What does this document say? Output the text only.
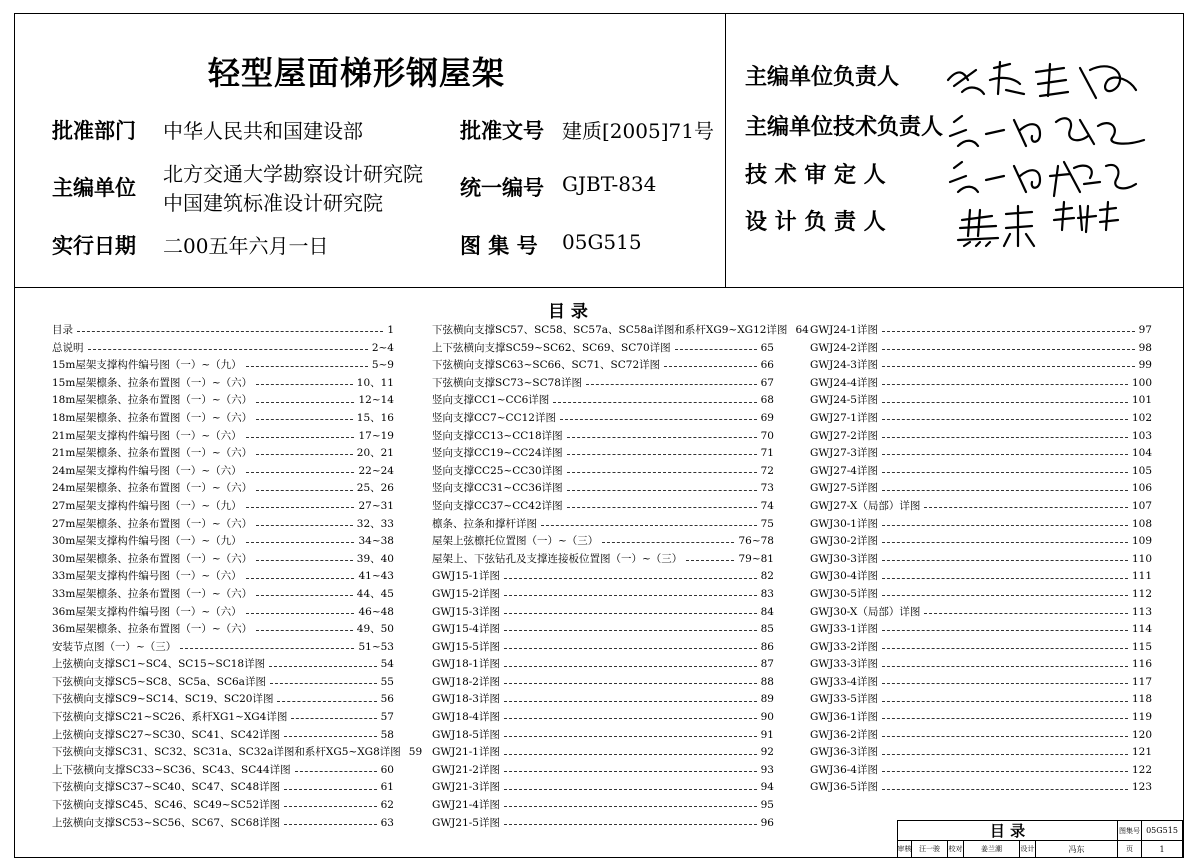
轻型屋面梯形钢屋架
批准部门 中华人民共和国建设部	批准文号 建质[2005]71号
主编单位
北方交通大学勘察设计研究院
中国建筑标准设计研究院
统一编号 GJBT-834
实行日期 二00五年六月一日	图 集 号 05G515
主编单位负责人
主编单位技术负责人
技 术 审 定 人
设 计 负 责 人
目 录
目录	1
总说明	2~4
15m屋架支撑构件编号图（一）~（九）	5~9
15m屋架檩条、拉条布置图（一）~（六）	10、11
18m屋架檩条、拉条布置图（一）~（六）	12~14
18m屋架檩条、拉条布置图（一）~（六）	15、16
21m屋架支撑构件编号图（一）~（六）	17~19
21m屋架檩条、拉条布置图（一）~（六）	20、21
24m屋架支撑构件编号图（一）~（六）	22~24
24m屋架檩条、拉条布置图（一）~（六）	25、26
27m屋架支撑构件编号图（一）~（九）	27~31
27m屋架檩条、拉条布置图（一）~（六）	32、33
30m屋架支撑构件编号图（一）~（九）	34~38
30m屋架檩条、拉条布置图（一）~（六）	39、40
33m屋架支撑构件编号图（一）~（六）	41~43
33m屋架檩条、拉条布置图（一）~（六）	44、45
36m屋架支撑构件编号图（一）~（六）	46~48
36m屋架檩条、拉条布置图（一）~（六）	49、50
安装节点图（一）~（三）	51~53
上弦横向支撑SC1~SC4、SC15~SC18详图	54
下弦横向支撑SC5~SC8、SC5a、SC6a详图	55
下弦横向支撑SC9~SC14、SC19、SC20详图	56
下弦横向支撑SC21~SC26、系杆XG1~XG4详图	57
上弦横向支撑SC27~SC30、SC41、SC42详图	58
下弦横向支撑SC31、SC32、SC31a、SC32a详图和系杆XG5~XG8详图 59
上下弦横向支撑SC33~SC36、SC43、SC44详图	60
下弦横向支撑SC37~SC40、SC47、SC48详图	61
下弦横向支撑SC45、SC46、SC49~SC52详图	62
上弦横向支撑SC53~SC56、SC67、SC68详图	63
下弦横向支撑SC57、SC58、SC57a、SC58a详图和系杆XG9~XG12详图 64
上下弦横向支撑SC59~SC62、SC69、SC70详图	65
下弦横向支撑SC63~SC66、SC71、SC72详图	66
下弦横向支撑SC73~SC78详图	67
竖向支撑CC1~CC6详图	68
竖向支撑CC7~CC12详图	69
竖向支撑CC13~CC18详图	70
竖向支撑CC19~CC24详图	71
竖向支撑CC25~CC30详图	72
竖向支撑CC31~CC36详图	73
竖向支撑CC37~CC42详图	74
檩条、拉条和撑杆详图	75
屋架上弦檩托位置图（一）~（三）	76~78
屋架上、下弦钻孔及支撑连接板位置图（一）~（三）	79~81
GWJ15-1详图	82
GWJ15-2详图	83
GWJ15-3详图	84
GWJ15-4详图	85
GWJ15-5详图	86
GWJ18-1详图	87
GWJ18-2详图	88
GWJ18-3详图	89
GWJ18-4详图	90
GWJ18-5详图	91
GWJ21-1详图	92
GWJ21-2详图	93
GWJ21-3详图	94
GWJ21-4详图	95
GWJ21-5详图	96
GWJ24-1详图	97
GWJ24-2详图	98
GWJ24-3详图	99
GWJ24-4详图	100
GWJ24-5详图	101
GWJ27-1详图	102
GWJ27-2详图	103
GWJ27-3详图	104
GWJ27-4详图	105
GWJ27-5详图	106
GWJ27-X（局部）详图	107
GWJ30-1详图	108
GWJ30-2详图	109
GWJ30-3详图	110
GWJ30-4详图	111
GWJ30-5详图	112
GWJ30-X（局部）详图	113
GWJ33-1详图	114
GWJ33-2详图	115
GWJ33-3详图	116
GWJ33-4详图	117
GWJ33-5详图	118
GWJ36-1详图	119
GWJ36-2详图	120
GWJ36-3详图	121
GWJ36-4详图	122
GWJ36-5详图	123
目 录	图集号 05G515
审核	汪一骏	校对	姜兰潮	设计	冯东	页	1
